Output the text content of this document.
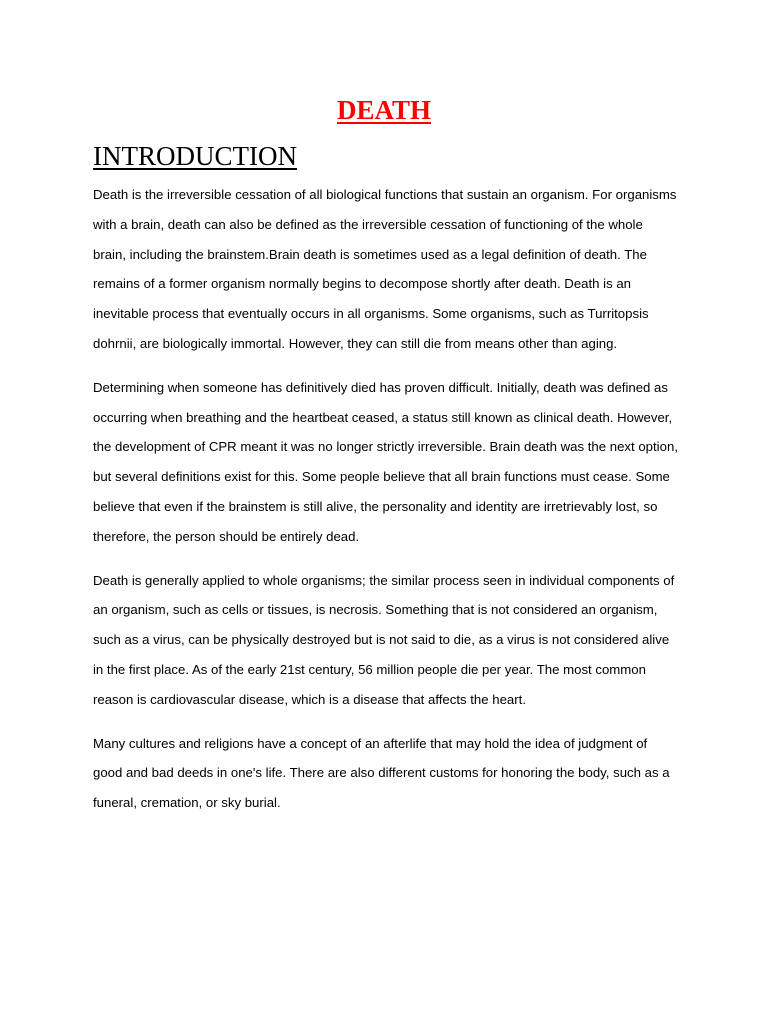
DEATH
INTRODUCTION

Death is the irreversible cessation of all biological functions that sustain an organism. For organisms with a brain, death can also be defined as the irreversible cessation of functioning of the whole brain, including the brainstem.Brain death is sometimes used as a legal definition of death. The remains of a former organism normally begins to decompose shortly after death. Death is an inevitable process that eventually occurs in all organisms. Some organisms, such as Turritopsis dohrnii, are biologically immortal. However, they can still die from means other than aging.

Determining when someone has definitively died has proven difficult. Initially, death was defined as occurring when breathing and the heartbeat ceased, a status still known as clinical death. However, the development of CPR meant it was no longer strictly irreversible. Brain death was the next option, but several definitions exist for this. Some people believe that all brain functions must cease. Some believe that even if the brainstem is still alive, the personality and identity are irretrievably lost, so therefore, the person should be entirely dead.

Death is generally applied to whole organisms; the similar process seen in individual components of an organism, such as cells or tissues, is necrosis. Something that is not considered an organism, such as a virus, can be physically destroyed but is not said to die, as a virus is not considered alive in the first place. As of the early 21st century, 56 million people die per year. The most common reason is cardiovascular disease, which is a disease that affects the heart.

Many cultures and religions have a concept of an afterlife that may hold the idea of judgment of good and bad deeds in one's life. There are also different customs for honoring the body, such as a funeral, cremation, or sky burial.
